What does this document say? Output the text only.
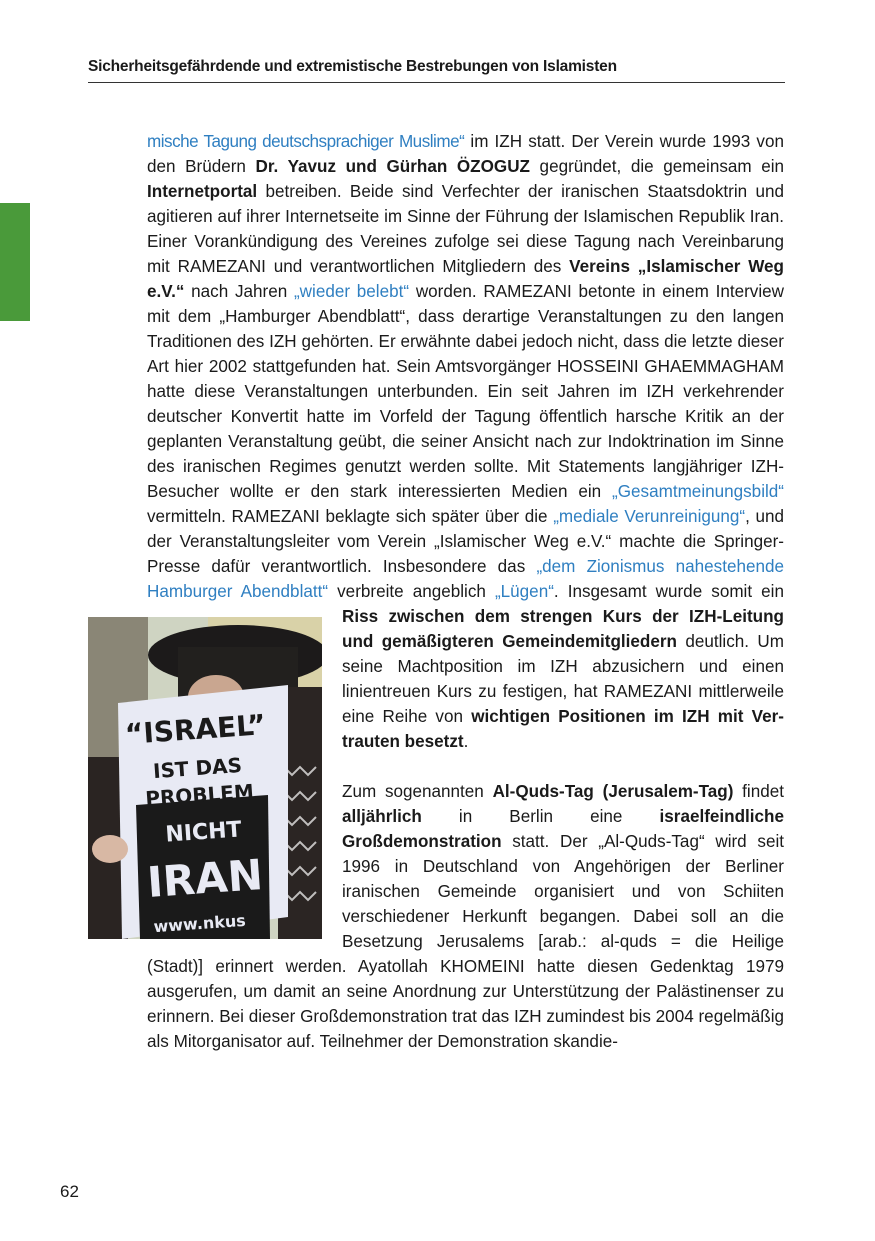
Sicherheitsgefährdende und extremistische Bestrebungen von Islamisten

mische Tagung deutschsprachiger Muslime“ im IZH statt. Der Verein wurde 1993 von den Brüdern Dr. Yavuz und Gürhan ÖZOGUZ gegründet, die gemeinsam ein Internetportal betreiben. Beide sind Verfechter der iranischen Staatsdoktrin und agitieren auf ihrer Internetseite im Sinne der Führung der Islamischen Republik Iran. Einer Vorankündigung des Vereines zufolge sei diese Tagung nach Vereinbarung mit RAMEZANI und verantwortlichen Mitgliedern des Vereins „Islamischer Weg e.V.“ nach Jahren „wieder belebt“ worden. RAMEZANI betonte in einem Interview mit dem „Hamburger Abendblatt“, dass derartige Veranstaltungen zu den langen Traditionen des IZH gehörten. Er erwähnte dabei jedoch nicht, dass die letzte dieser Art hier 2002 stattgefunden hat. Sein Amtsvorgänger HOSSEINI GHAEMMAGHAM hatte diese Veranstaltungen unterbunden. Ein seit Jahren im IZH verkehrender deutscher Konvertit hatte im Vorfeld der Tagung öffentlich harsche Kritik an der geplanten Veranstaltung geübt, die seiner Ansicht nach zur Indoktrination im Sinne des iranischen Regimes genutzt werden sollte. Mit Statements langjähriger IZH-Besucher wollte er den stark interessierten Medien ein „Gesamtmeinungsbild“ vermitteln. RAMEZANI beklagte sich später über die „mediale Verunreinigung“, und der Veranstaltungsleiter vom Verein „Islamischer Weg e.V.“ machte die Springer-Presse dafür verantwortlich. Insbesondere das „dem Zionismus nahestehende Hamburger Abendblatt“ verbreite angeblich „Lügen“. Insgesamt wurde somit ein
“ISRAEL”
IST DAS
PROBLEM
NICHT
IRAN
www.nkus
Riss zwischen dem strengen Kurs der IZH-Leitung und gemäßigteren Gemeindemitgliedern deutlich. Um seine Machtposition im IZH abzusichern und einen linientreuen Kurs zu festigen, hat RAMEZANI mittlerweile eine Reihe von wichtigen Positionen im IZH mit Vertrauten besetzt.

Zum sogenannten Al-Quds-Tag (Jerusalem-Tag) findet alljährlich in Berlin eine israelfeindliche Großdemonstration statt. Der „Al-Quds-Tag“ wird seit 1996 in Deutschland von Angehörigen der Berliner iranischen Gemeinde organisiert und von Schiiten verschiedener Herkunft begangen. Dabei soll an die Besetzung Jerusalems [arab.: al-quds = die Heilige (Stadt)] erinnert werden. Ayatollah KHOMEINI hatte diesen Gedenktag 1979 ausgerufen, um damit an seine Anordnung zur Unterstützung der Palästinenser zu erinnern. Bei dieser Großdemonstration trat das IZH zumindest bis 2004 regelmäßig als Mitorganisator auf. Teilnehmer der Demonstration skandie-

62
